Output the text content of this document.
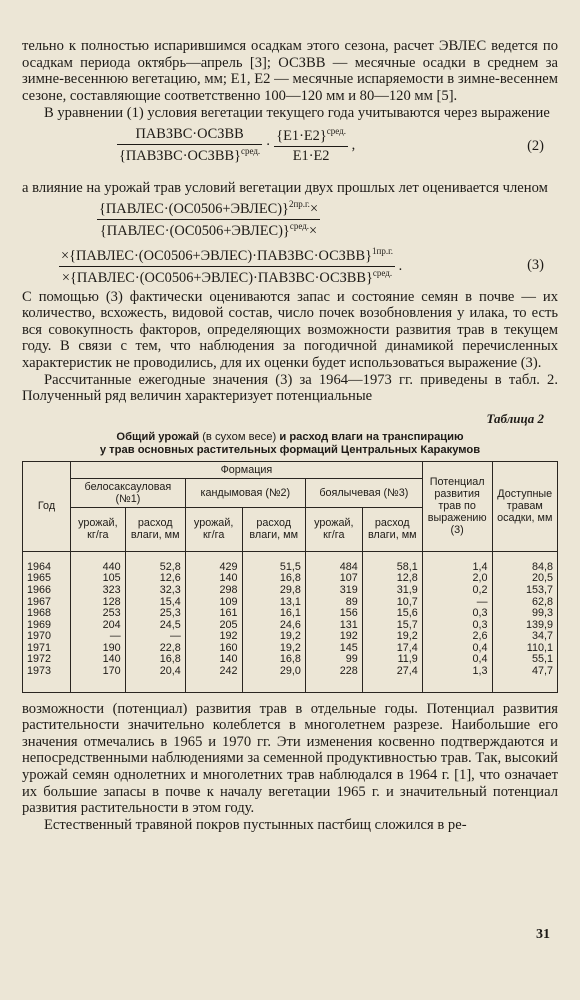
тельно к полностью испарившимся осадкам этого сезона, расчет ЭВЛЕС ведется по осадкам периода октябрь—апрель [3]; ОСЗВВ — месячные осадки в среднем за зимне-весеннюю вегетацию, мм; Е1, Е2 — месячные испаряемости в зимне-весеннем сезоне, составляющие соответственно 100—120 мм и 80—120 мм [5].

В уравнении (1) условия вегетации текущего года учитываются через выражение

$\frac{\text{ПАВЗВС·ОСЗВВ}}{\{ПАВЗВС\cdot ОСЗВВ\}^{сред.}} \cdot \frac{\{Е1\cdot Е2\}^{сред.}}{Е1\cdot Е2}$ ,	(2)

а влияние на урожай трав условий вегетации двух прошлых лет оценивается членом

$\frac{\{ПАВЛЕС\cdot(ОС0506+ЭВЛЕС)\}^{2пр.г.}\times}{\{ПАВЛЕС\cdot(ОС0506+ЭВЛЕС)\}^{сред.}\times}$
$\frac{\times\{ПАВЛЕС\cdot(ОС0506+ЭВЛЕС)\cdot ПАВЗВС\cdot ОСЗВВ\}^{1пр.г.}}{\times\{ПАВЛЕС\cdot(ОС0506+ЭВЛЕС)\cdot ПАВЗВС\cdot ОСЗВВ\}^{сред.}}$ .	(3)

С помощью (3) фактически оцениваются запас и состояние семян в почве — их количество, всхожесть, видовой состав, число почек возобновления у илака, то есть вся совокупность факторов, определяющих возможности развития трав в текущем году. В связи с тем, что наблюдения за погодичной динамикой перечисленных характеристик не проводились, для их оценки будет использоваться выражение (3).

Рассчитанные ежегодные значения (3) за 1964—1973 гг. приведены в табл. 2. Полученный ряд величин характеризует потенциальные

Таблица 2
Общий урожай (в сухом весе) и расход влаги на транспирацию
у трав основных растительных формаций Центральных Каракумов
Год	Формация						Потенциал развития трав по выражению (3)	Доступные травам осадки, мм
	белосаксауловая (№1)		кандымовая (№2)		боялычевая (№3)			
	урожай, кг/га	расход влаги, мм	урожай, кг/га	расход влаги, мм	урожай, кг/га	расход влаги, мм		
1964	440	52,8	429	51,5	484	58,1	1,4	84,8
1965	105	12,6	140	16,8	107	12,8	2,0	20,5
1966	323	32,3	298	29,8	319	31,9	0,2	153,7
1967	128	15,4	109	13,1	89	10,7	—	62,8
1968	253	25,3	161	16,1	156	15,6	0,3	99,3
1969	204	24,5	205	24,6	131	15,7	0,3	139,9
1970	—	—	192	19,2	192	19,2	2,6	34,7
1971	190	22,8	160	19,2	145	17,4	0,4	110,1
1972	140	16,8	140	16,8	99	11,9	0,4	55,1
1973	170	20,4	242	29,0	228	27,4	1,3	47,7

возможности (потенциал) развития трав в отдельные годы. Потенциал развития растительности значительно колеблется в многолетнем разрезе. Наибольшие его значения отмечались в 1965 и 1970 гг. Эти изменения косвенно подтверждаются и непосредственными наблюдениями за семенной продуктивностью трав. Так, высокий урожай семян однолетних и многолетних трав наблюдался в 1964 г. [1], что означает их большие запасы в почве к началу вегетации 1965 г. и значительный потенциал развития растительности в этом году.

Естественный травяной покров пустынных пастбищ сложился в ре-

31
